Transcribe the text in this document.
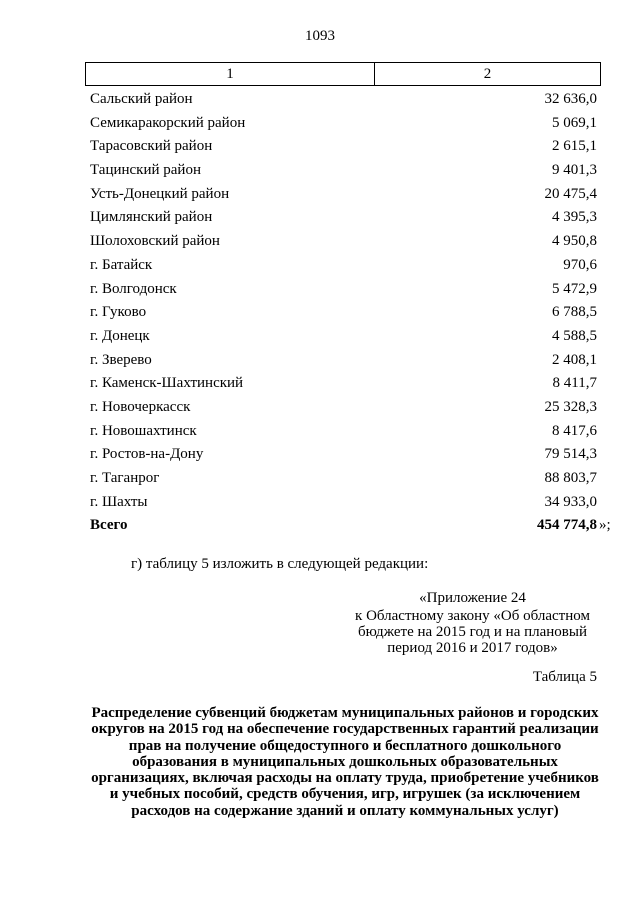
1093
1	2
Сальский район	32 636,0
Семикаракорский район	5 069,1
Тарасовский район	2 615,1
Тацинский район	9 401,3
Усть-Донецкий район	20 475,4
Цимлянский район	4 395,3
Шолоховский район	4 950,8
г. Батайск	970,6
г. Волгодонск	5 472,9
г. Гуково	6 788,5
г. Донецк	4 588,5
г. Зверево	2 408,1
г. Каменск-Шахтинский	8 411,7
г. Новочеркасск	25 328,3
г. Новошахтинск	8 417,6
г. Ростов-на-Дону	79 514,3
г. Таганрог	88 803,7
г. Шахты	34 933,0
Всего	454 774,8 »;
г) таблицу 5 изложить в следующей редакции:
«Приложение 24
к Областному закону «Об областном
бюджете на 2015 год и на плановый
период 2016 и 2017 годов»
Таблица 5
Распределение субвенций бюджетам муниципальных районов и городских
округов на 2015 год на обеспечение государственных гарантий реализации
прав на получение общедоступного и бесплатного дошкольного
образования в муниципальных дошкольных образовательных
организациях, включая расходы на оплату труда, приобретение учебников
и учебных пособий, средств обучения, игр, игрушек (за исключением
расходов на содержание зданий и оплату коммунальных услуг)
